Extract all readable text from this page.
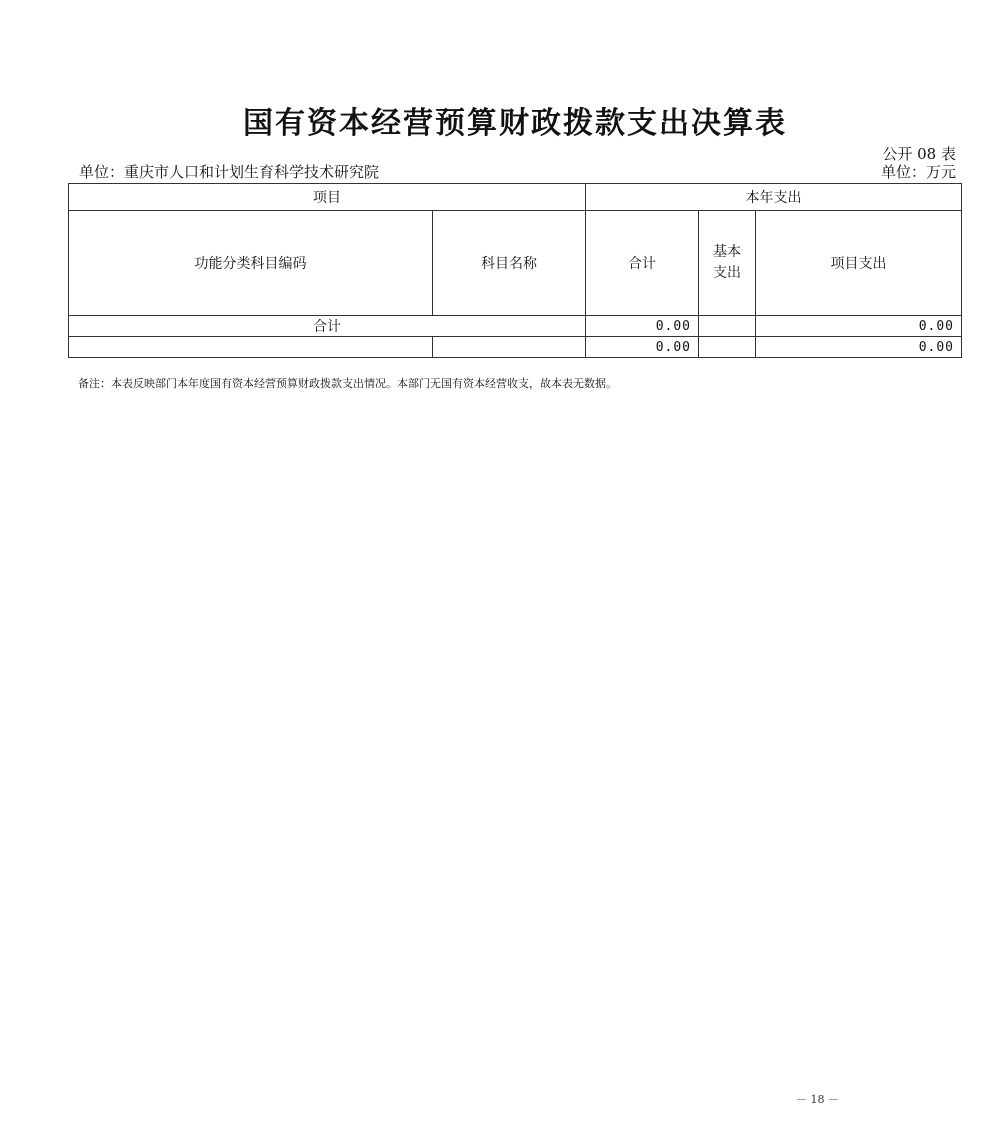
国有资本经营预算财政拨款支出决算表
公开 08 表
单位：重庆市人口和计划生育科学技术研究院	单位：万元
项目		本年支出		
功能分类科目编码	科目名称	合计	基本支出	项目支出
合计		0.00		0.00
		0.00		0.00
备注：本表反映部门本年度国有资本经营预算财政拨款支出情况。本部门无国有资本经营收支，故本表无数据。
－ 18 －
